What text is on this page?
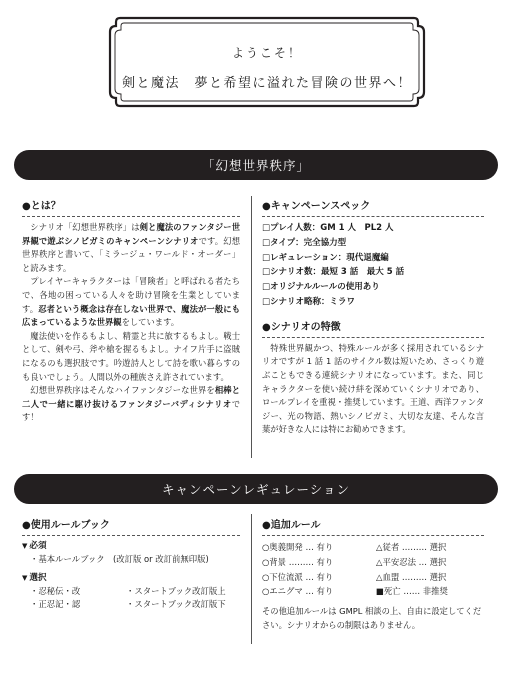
ようこそ！
剣と魔法　夢と希望に溢れた冒険の世界へ！
「幻想世界秩序」
●とは？
シナリオ「幻想世界秩序」は剣と魔法のファンタジー世界観で遊ぶシノビガミのキャンペーンシナリオです。幻想世界秩序と書いて、「ミラージュ・ワールド・オーダー」と読みます。
プレイヤーキャラクターは「冒険者」と呼ばれる者たちで、各地の困っている人々を助け冒険を生業としています。忍者という概念は存在しない世界で、魔法が一般にも広まっているような世界観をしています。
魔法使いを作るもよし、精霊と共に旅するもよし。戦士として、剣や弓、斧や槍を握るもよし。ナイフ片手に盗賊になるのも選択肢です。吟遊詩人として詩を歌い暮らすのも良いでしょう。人間以外の種族さえ許されています。
幻想世界秩序はそんなハイファンタジーな世界を相棒と二人で一緒に駆け抜けるファンタジーバディシナリオです！
●キャンペーンスペック
□プレイ人数：GM 1 人　PL2 人
□タイプ：完全協力型
□レギュレーション：現代退魔編
□シナリオ数：最短 3 話　最大 5 話
□オリジナルルールの使用あり
□シナリオ略称：ミラワ
●シナリオの特徴
特殊世界観かつ、特殊ルールが多く採用されているシナリオですが 1 話 1 話のサイクル数は短いため、さっくり遊ぶこともできる連続シナリオになっています。また、同じキャラクターを使い続け絆を深めていくシナリオであり、ロールプレイを重視・推奨しています。王道、西洋ファンタジー、光の物語、熱いシノビガミ、大切な友達、そんな言葉が好きな人には特にお勧めできます。
キャンペーンレギュレーション
●使用ルールブック
▼ 必須
・基本ルールブック　(改訂版 or 改訂前無印版)
▼ 選択
・忍秘伝・改	・スタートブック改訂版上
・正忍記・認	・スタートブック改訂版下
●追加ルール
○奥義開発 … 有り	△従者 ……… 選択
○背景 ……… 有り	△平安忍法 … 選択
○下位流派 … 有り	△血盟 ……… 選択
○エニグマ … 有り	■死亡 …… 非推奨
その他追加ルールは GMPL 相談の上、自由に設定してください。シナリオからの制限はありません。
